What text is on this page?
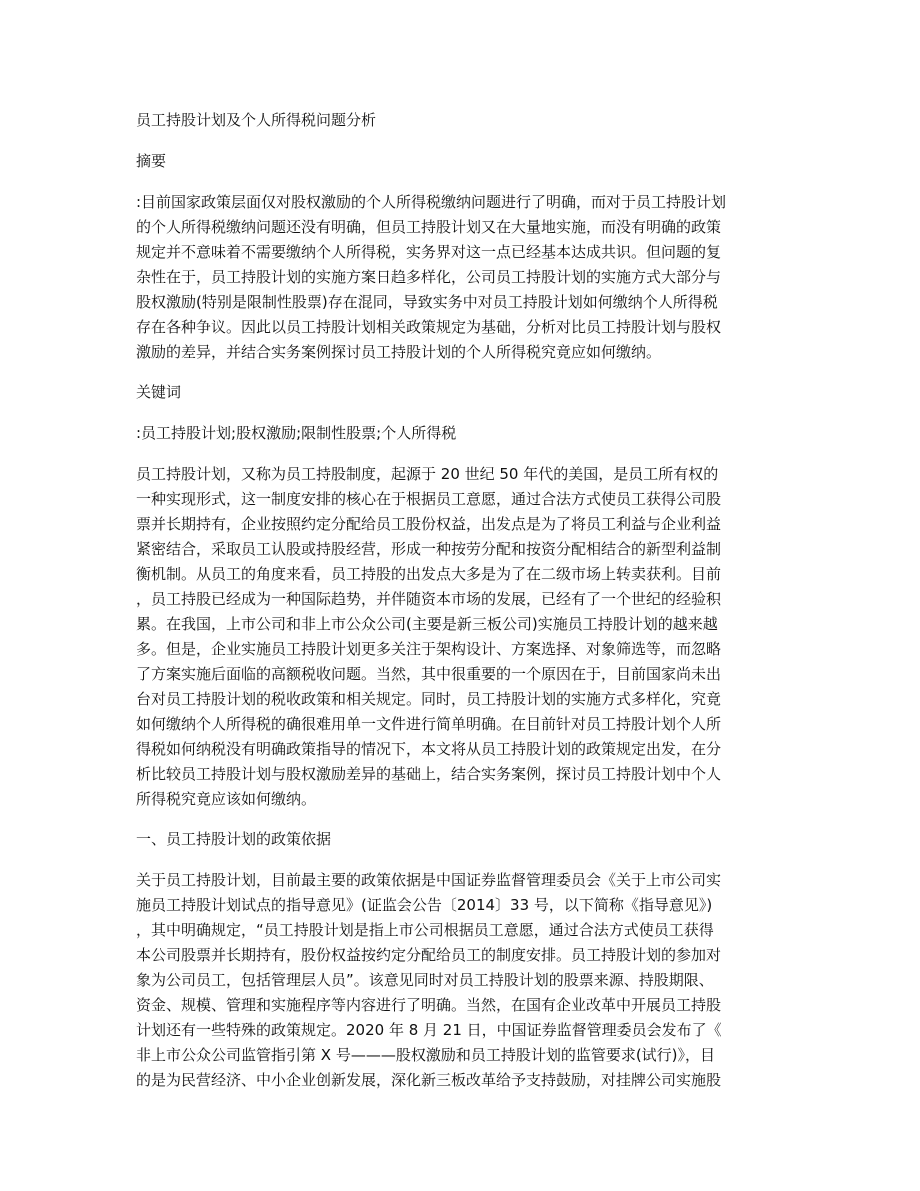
员工持股计划及个人所得税问题分析

摘要

:目前国家政策层面仅对股权激励的个人所得税缴纳问题进行了明确，而对于员工持股计划
的个人所得税缴纳问题还没有明确，但员工持股计划又在大量地实施，而没有明确的政策
规定并不意味着不需要缴纳个人所得税，实务界对这一点已经基本达成共识。但问题的复
杂性在于，员工持股计划的实施方案日趋多样化，公司员工持股计划的实施方式大部分与
股权激励(特别是限制性股票)存在混同，导致实务中对员工持股计划如何缴纳个人所得税
存在各种争议。因此以员工持股计划相关政策规定为基础，分析对比员工持股计划与股权
激励的差异，并结合实务案例探讨员工持股计划的个人所得税究竟应如何缴纳。

关键词

:员工持股计划;股权激励;限制性股票;个人所得税

员工持股计划，又称为员工持股制度，起源于 20 世纪 50 年代的美国，是员工所有权的
一种实现形式，这一制度安排的核心在于根据员工意愿，通过合法方式使员工获得公司股
票并长期持有，企业按照约定分配给员工股份权益，出发点是为了将员工利益与企业利益
紧密结合，采取员工认股或持股经营，形成一种按劳分配和按资分配相结合的新型利益制
衡机制。从员工的角度来看，员工持股的出发点大多是为了在二级市场上转卖获利。目前
，员工持股已经成为一种国际趋势，并伴随资本市场的发展，已经有了一个世纪的经验积
累。在我国，上市公司和非上市公众公司(主要是新三板公司)实施员工持股计划的越来越
多。但是，企业实施员工持股计划更多关注于架构设计、方案选择、对象筛选等，而忽略
了方案实施后面临的高额税收问题。当然，其中很重要的一个原因在于，目前国家尚未出
台对员工持股计划的税收政策和相关规定。同时，员工持股计划的实施方式多样化，究竟
如何缴纳个人所得税的确很难用单一文件进行简单明确。在目前针对员工持股计划个人所
得税如何纳税没有明确政策指导的情况下，本文将从员工持股计划的政策规定出发，在分
析比较员工持股计划与股权激励差异的基础上，结合实务案例，探讨员工持股计划中个人
所得税究竟应该如何缴纳。

一、员工持股计划的政策依据

关于员工持股计划，目前最主要的政策依据是中国证券监督管理委员会《关于上市公司实
施员工持股计划试点的指导意见》(证监会公告〔2014〕33 号，以下简称《指导意见》)
，其中明确规定，“员工持股计划是指上市公司根据员工意愿，通过合法方式使员工获得
本公司股票并长期持有，股份权益按约定分配给员工的制度安排。员工持股计划的参加对
象为公司员工，包括管理层人员”。该意见同时对员工持股计划的股票来源、持股期限、
资金、规模、管理和实施程序等内容进行了明确。当然，在国有企业改革中开展员工持股
计划还有一些特殊的政策规定。2020 年 8 月 21 日，中国证券监督管理委员会发布了《
非上市公众公司监管指引第 X 号———股权激励和员工持股计划的监管要求(试行)》，目
的是为民营经济、中小企业创新发展，深化新三板改革给予支持鼓励，对挂牌公司实施股
